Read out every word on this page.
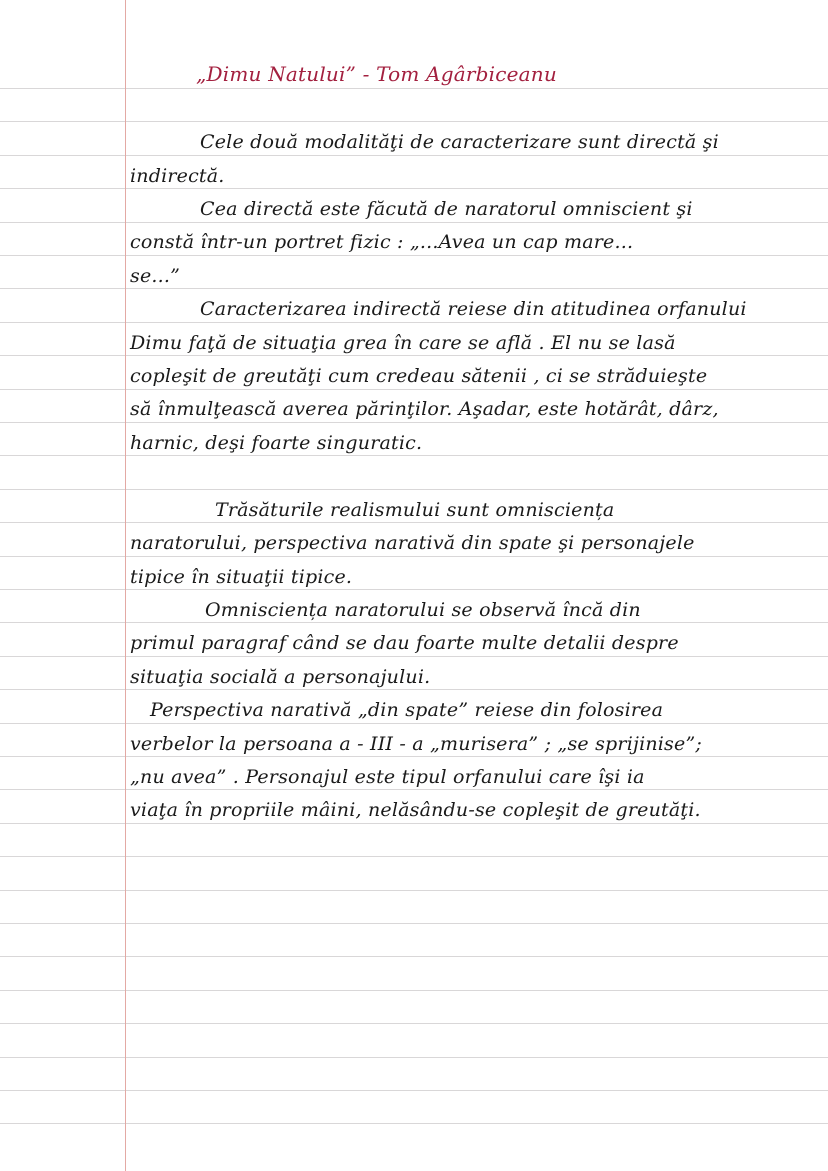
„Dimu Natului” - Tom Agârbiceanu
Cele două modalităţi de caracterizare sunt directă şi
indirectă.
Cea directă este făcută de naratorul omniscient şi
constă într-un portret fizic : „...Avea un cap mare...
se...”
Caracterizarea indirectă reiese din atitudinea orfanului
Dimu faţă de situaţia grea în care se află . El nu se lasă
copleşit de greutăţi cum credeau sătenii , ci se străduieşte
să înmulţească averea părinţilor. Aşadar, este hotărât, dârz,
harnic, deşi foarte singuratic.
Trăsăturile realismului sunt omnisciența
naratorului, perspectiva narativă din spate şi personajele
tipice în situaţii tipice.
Omnisciența naratorului se observă încă din
primul paragraf când se dau foarte multe detalii despre
situaţia socială a personajului.
Perspectiva narativă „din spate” reiese din folosirea
verbelor la persoana a - III - a „murisera” ; „se sprijinise”;
„nu avea” . Personajul este tipul orfanului care îşi ia
viaţa în propriile mâini, nelăsându-se copleşit de greutăţi.
